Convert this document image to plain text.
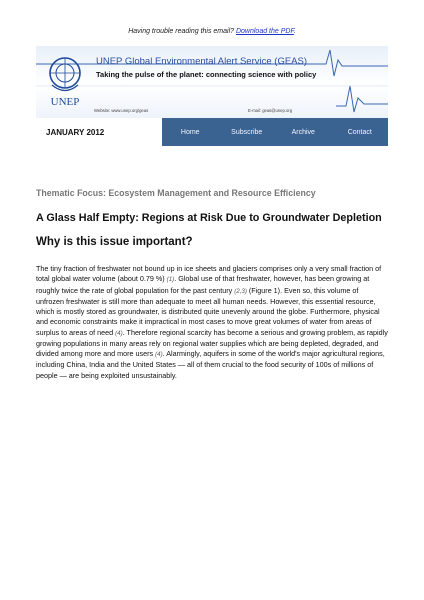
Having trouble reading this email? Download the PDF.
UNEP
UNEP Global Environmental Alert Service (GEAS)
Taking the pulse of the planet: connecting science with policy
Website: www.unep.org/geas	E-mail: geas@unep.org
JANUARY 2012	Home	Subscribe	Archive	Contact
Thematic Focus: Ecosystem Management and Resource Efficiency
A Glass Half Empty: Regions at Risk Due to Groundwater Depletion
Why is this issue important?

The tiny fraction of freshwater not bound up in ice sheets and glaciers comprises only a very small fraction of total global water volume (about 0.79 %) (1). Global use of that freshwater, however, has been growing at roughly twice the rate of global population for the past century (2,3) (Figure 1). Even so, this volume of unfrozen freshwater is still more than adequate to meet all human needs. However, this essential resource, which is mostly stored as groundwater, is distributed quite unevenly around the globe. Furthermore, physical and economic constraints make it impractical in most cases to move great volumes of water from areas of surplus to areas of need (4). Therefore regional scarcity has become a serious and growing problem, as rapidly growing populations in many areas rely on regional water supplies which are being depleted, degraded, and divided among more and more users (4). Alarmingly, aquifers in some of the world's major agricultural regions, including China, India and the United States — all of them crucial to the food security of 100s of millions of people — are being exploited unsustainably.
